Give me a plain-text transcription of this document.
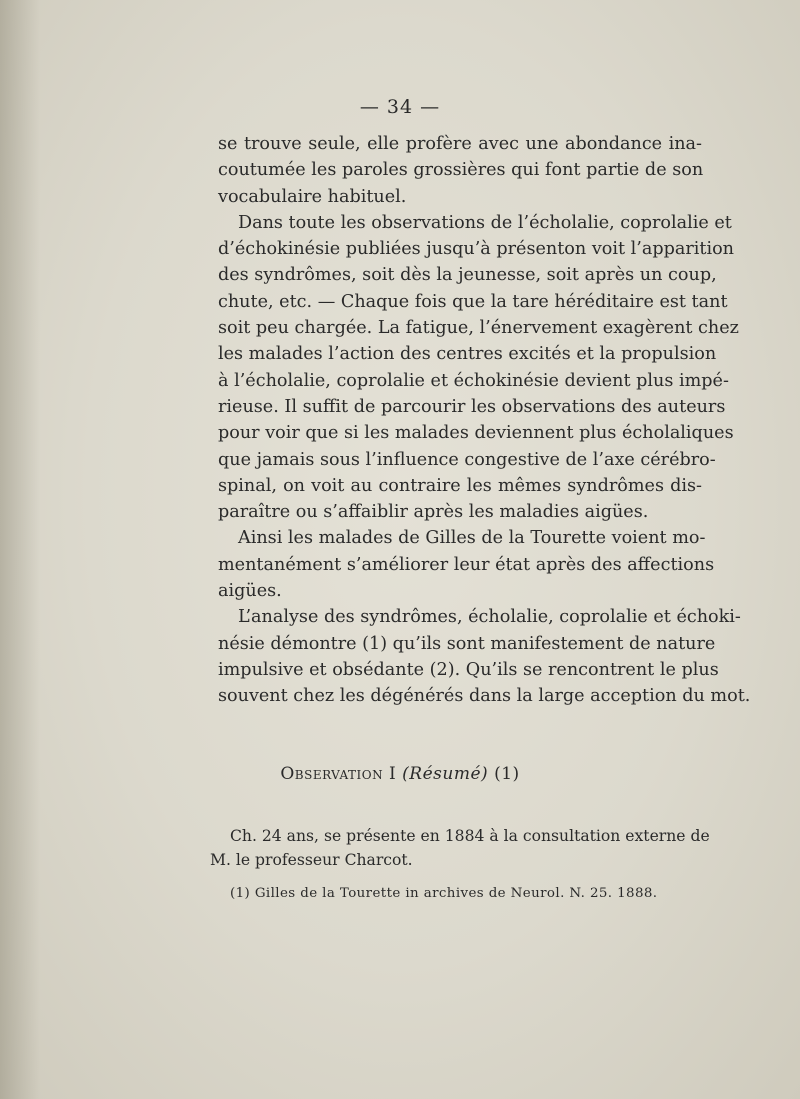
— 34 —
se trouve seule, elle profère avec une abondance ina-
coutumée les paroles grossières qui font partie de son
vocabulaire habituel.
Dans toute les observations de l’écholalie, coprolalie et
d’échokinésie publiées jusqu’à présenton voit l’apparition
des syndrômes, soit dès la jeunesse, soit après un coup,
chute, etc. — Chaque fois que la tare héréditaire est tant
soit peu chargée. La fatigue, l’énervement exagèrent chez
les malades l’action des centres excités et la propulsion
à l’écholalie, coprolalie et échokinésie devient plus impé-
rieuse. Il suffit de parcourir les observations des auteurs
pour voir que si les malades deviennent plus écholaliques
que jamais sous l’influence congestive de l’axe cérébro-
spinal, on voit au contraire les mêmes syndrômes dis-
paraître ou s’affaiblir après les maladies aigües.
Ainsi les malades de Gilles de la Tourette voient mo-
mentanément s’améliorer leur état après des affections
aigües.
L’analyse des syndrômes, écholalie, coprolalie et échoki-
nésie démontre (1) qu’ils sont manifestement de nature
impulsive et obsédante (2). Qu’ils se rencontrent le plus
souvent chez les dégénérés dans la large acception du mot.
Observation I (Résumé) (1)
Ch. 24 ans, se présente en 1884 à la consultation externe de
M. le professeur Charcot.
(1) Gilles de la Tourette in archives de Neurol. N. 25. 1888.
